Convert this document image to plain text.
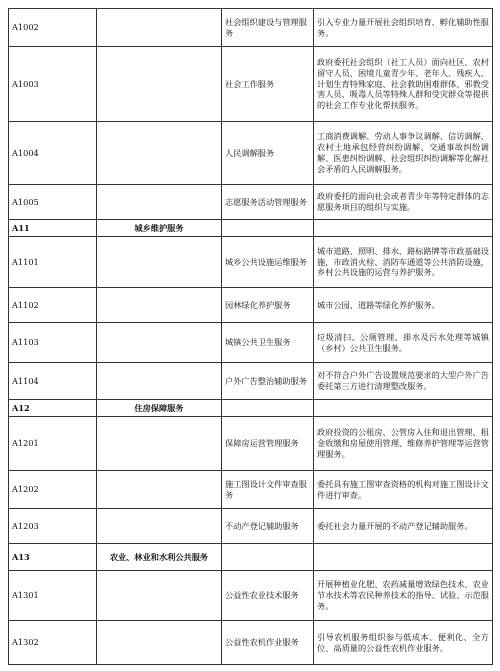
A1002		社会组织建设与管理服务	引入专业力量开展社会组织培育、孵化辅助性服务。
A1003		社会工作服务	政府委托社会组织（社工人员）面向社区、农村留守人员、困境儿童青少年、老年人、残疾人、计划生育特殊家庭、社会救助困难群体、邪教受害人员、吸毒人员等特殊人群和受灾群众等提供的社会工作专业化帮扶服务。
A1004		人民调解服务	工商消费调解、劳动人事争议调解、信访调解、农村土地承包经营纠纷调解、交通事故纠纷调解、医患纠纷调解、社会组织纠纷调解等化解社会矛盾的人民调解服务。
A1005		志愿服务活动管理服务	政府委托的面向社会或者青少年等特定群体的志愿服务项目的组织与实施。
A11	城乡维护服务		
A1101		城乡公共设施运维服务	城市道路、照明、排水、路标路牌等市政基础设施，市政消火栓、消防车通道等公共消防设施，乡村公共设施的运营与养护服务。
A1102		园林绿化养护服务	城市公园、道路等绿化养护服务。
A1103		城镇公共卫生服务	垃圾清扫、公厕管理、排水及污水处理等城镇（乡村）公共卫生服务。
A1104		户外广告整治辅助服务	对不符合户外广告设置规范要求的大型户外广告委托第三方进行清理整改服务。
A12	住房保障服务		
A1201		保障房运营管理服务	政府投资的公租房、公管房入住和退出管理、租金收缴和房屋使用管理、维修养护管理等运营管理服务。
A1202		施工图设计文件审查服务	委托具有施工图审查资格的机构对施工图设计文件进行审查。
A1203		不动产登记辅助服务	委托社会力量开展的不动产登记辅助服务。
A13	农业、林业和水利公共服务		
A1301		公益性农业技术服务	开展种植业化肥、农药减量增效绿色技术、农业节水技术等农民种养技术的指导、试验、示范服务。
A1302		公益性农机作业服务	引导农机服务组织参与低成本、便利化、全方位、高质量的公益性农机作业服务。
